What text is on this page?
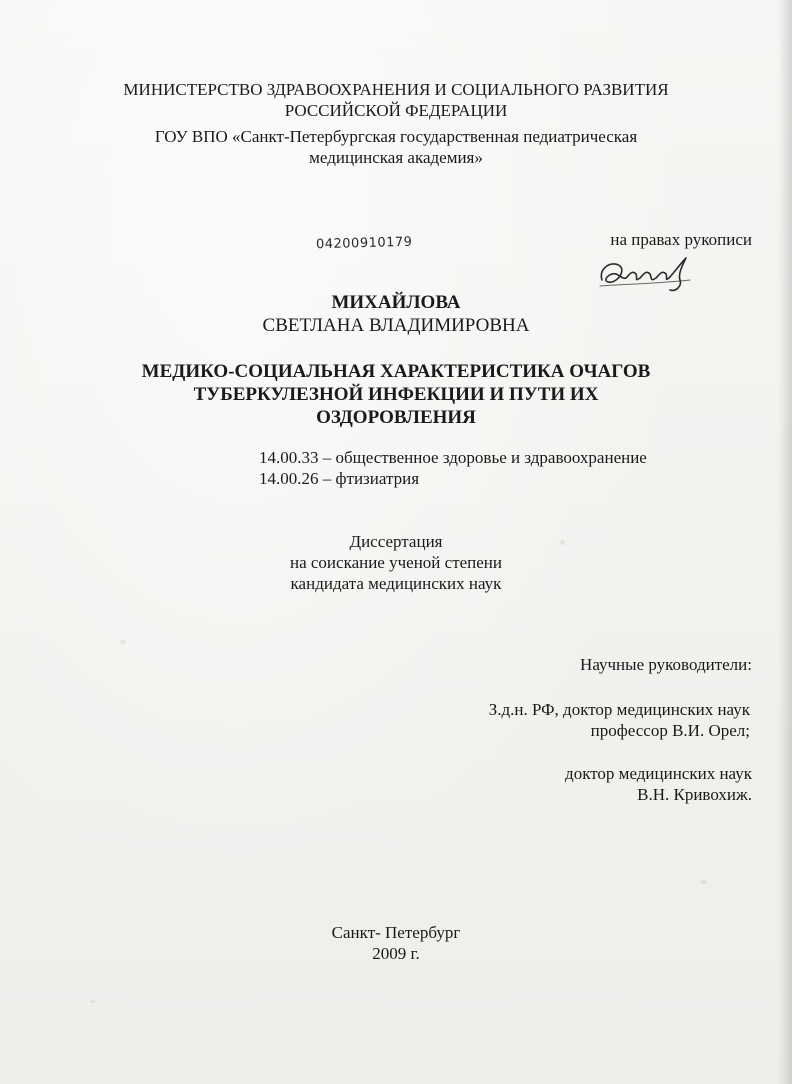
МИНИСТЕРСТВО ЗДРАВООХРАНЕНИЯ И СОЦИАЛЬНОГО РАЗВИТИЯ
РОССИЙСКОЙ ФЕДЕРАЦИИ
ГОУ ВПО «Санкт-Петербургская государственная педиатрическая
медицинская академия»
04200910179	на правах рукописи
МИХАЙЛОВА
СВЕТЛАНА ВЛАДИМИРОВНА
МЕДИКО-СОЦИАЛЬНАЯ ХАРАКТЕРИСТИКА ОЧАГОВ
ТУБЕРКУЛЕЗНОЙ ИНФЕКЦИИ И ПУТИ ИХ
ОЗДОРОВЛЕНИЯ
14.00.33 – общественное здоровье и здравоохранение
14.00.26 – фтизиатрия
Диссертация
на соискание ученой степени
кандидата медицинских наук
Научные руководители:
З.д.н. РФ, доктор медицинских наук
профессор В.И. Орел;
доктор медицинских наук
В.Н. Кривохиж.
Санкт- Петербург
2009 г.
